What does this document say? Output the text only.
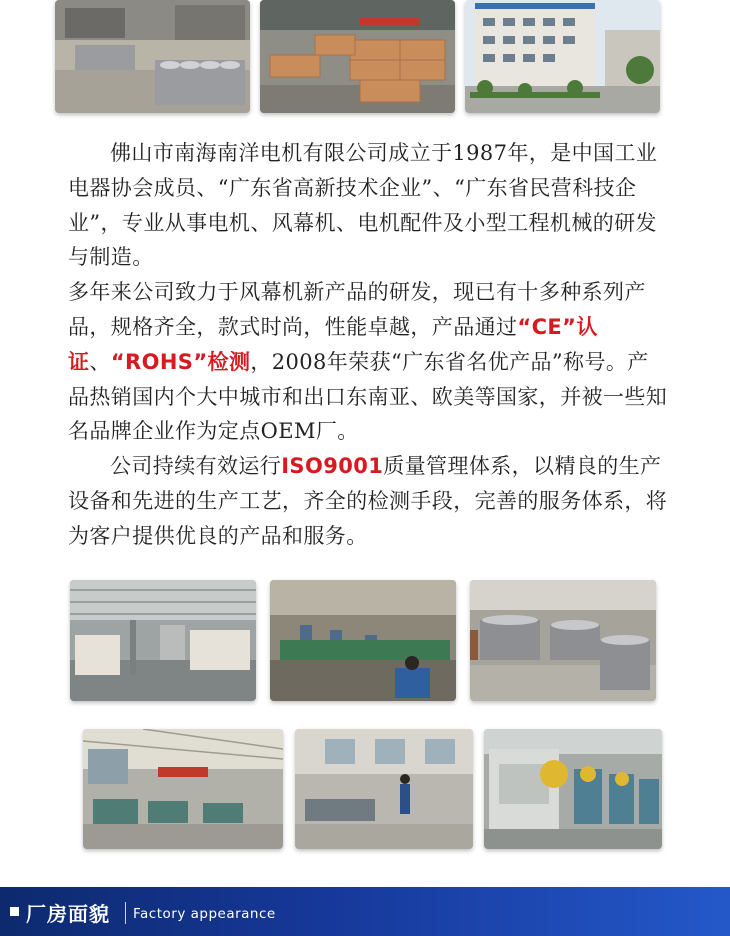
佛山市南海南洋电机有限公司成立于1987年，是中国工业电器协会成员、“广东省高新技术企业”、“广东省民营科技企业”，专业从事电机、风幕机、电机配件及小型工程机械的研发与制造。

多年来公司致力于风幕机新产品的研发，现已有十多种系列产品，规格齐全，款式时尚，性能卓越，产品通过“CE”认证、“ROHS”检测，2008年荣获“广东省名优产品”称号。产品热销国内个大中城市和出口东南亚、欧美等国家，并被一些知名品牌企业作为定点OEM厂。

公司持续有效运行ISO9001质量管理体系，以精良的生产设备和先进的生产工艺，齐全的检测手段，完善的服务体系，将为客户提供优良的产品和服务。

厂房面貌 Factory appearance
